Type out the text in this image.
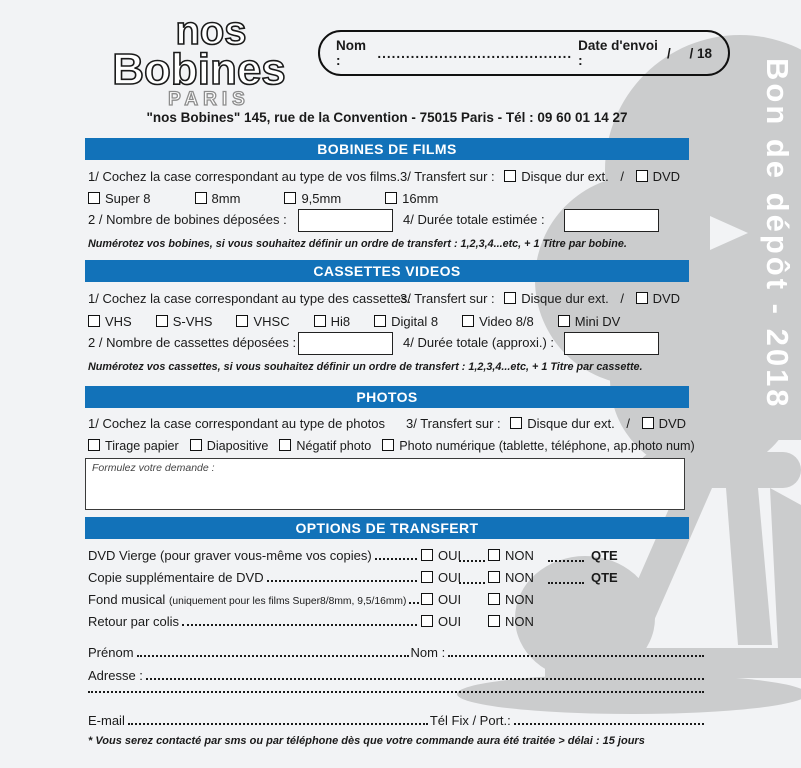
Bon de dépôt - 2018
nos
Bobines
PARIS
Nom :	......................................... Date d'envoi :	/     / 18
"nos Bobines" 145, rue de la Convention - 75015 Paris - Tél : 09 60 01 14 27
BOBINES DE FILMS
1/ Cochez la case correspondant au type de vos films. 3/ Transfert sur : Disque dur ext. / DVD
Super 8	8mm	9,5mm	16mm
2 / Nombre de bobines déposées :	4/ Durée totale estimée :
Numérotez vos bobines, si vous souhaitez définir un ordre de transfert : 1,2,3,4...etc, + 1 Titre par bobine.
CASSETTES VIDEOS
1/ Cochez la case correspondant au type des cassettes.
3/ Transfert sur : Disque dur ext. / DVD
VHS	S-VHS	VHSC	Hi8	Digital 8	Video 8/8	Mini DV
2 / Nombre de cassettes déposées :	4/ Durée totale (approxi.) :
Numérotez vos cassettes, si vous souhaitez définir un ordre de transfert : 1,2,3,4...etc, + 1 Titre par cassette.
PHOTOS
1/ Cochez la case correspondant au type de photos 3/ Transfert sur : Disque dur ext. / DVD
Tirage papier	Diapositive	Négatif photo	Photo numérique (tablette, téléphone, ap.photo num)
Formulez votre demande :
OPTIONS DE TRANSFERT
DVD Vierge (pour graver vous-même vos copies)	OUI	NON	QTE
Copie supplémentaire de DVD	OUI	NON	QTE
Fond musical
(uniquement pour les films Super8/8mm, 9,5/16mm)	OUI	NON
Retour par colis	OUI	NON
Prénom	Nom :
Adresse :
E-mail	Tél Fix / Port.:
* Vous serez contacté par sms ou par téléphone dès que votre commande aura été traitée > délai : 15 jours
